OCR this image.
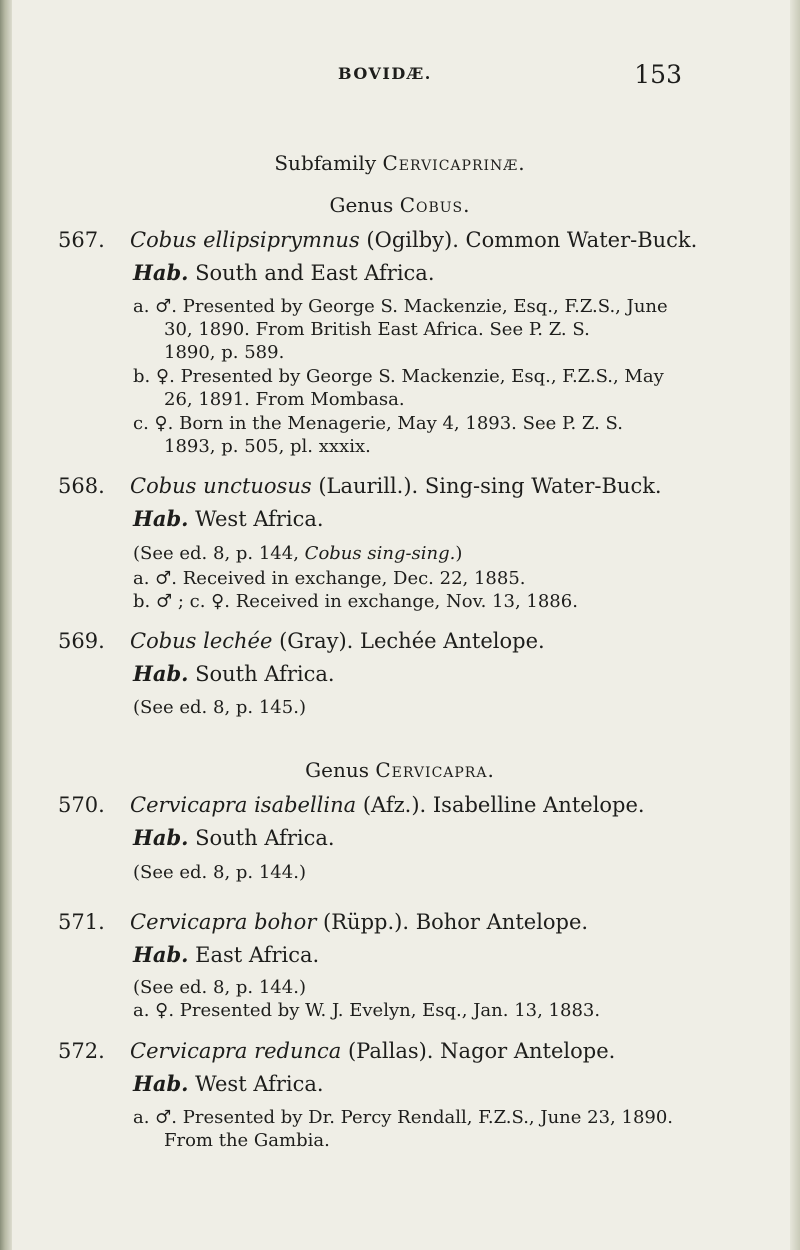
BOVIDÆ.	153
Subfamily Cervicaprinæ.
Genus Cobus.
567. Cobus ellipsiprymnus (Ogilby). Common Water-Buck.
Hab. South and East Africa.
a. ♂. Presented by George S. Mackenzie, Esq., F.Z.S., June
30, 1890. From British East Africa. See P. Z. S.
1890, p. 589.
b. ♀. Presented by George S. Mackenzie, Esq., F.Z.S., May
26, 1891. From Mombasa.
c. ♀. Born in the Menagerie, May 4, 1893. See P. Z. S.
1893, p. 505, pl. xxxix.
568. Cobus unctuosus (Laurill.). Sing-sing Water-Buck.
Hab. West Africa.
(See ed. 8, p. 144, Cobus sing-sing.)
a. ♂. Received in exchange, Dec. 22, 1885.
b. ♂ ; c. ♀. Received in exchange, Nov. 13, 1886.
569. Cobus lechée (Gray). Lechée Antelope.
Hab. South Africa.
(See ed. 8, p. 145.)
Genus Cervicapra.
570. Cervicapra isabellina (Afz.). Isabelline Antelope.
Hab. South Africa.
(See ed. 8, p. 144.)
571. Cervicapra bohor (Rüpp.). Bohor Antelope.
Hab. East Africa.
(See ed. 8, p. 144.)
a. ♀. Presented by W. J. Evelyn, Esq., Jan. 13, 1883.
572. Cervicapra redunca (Pallas). Nagor Antelope.
Hab. West Africa.
a. ♂. Presented by Dr. Percy Rendall, F.Z.S., June 23, 1890.
From the Gambia.
